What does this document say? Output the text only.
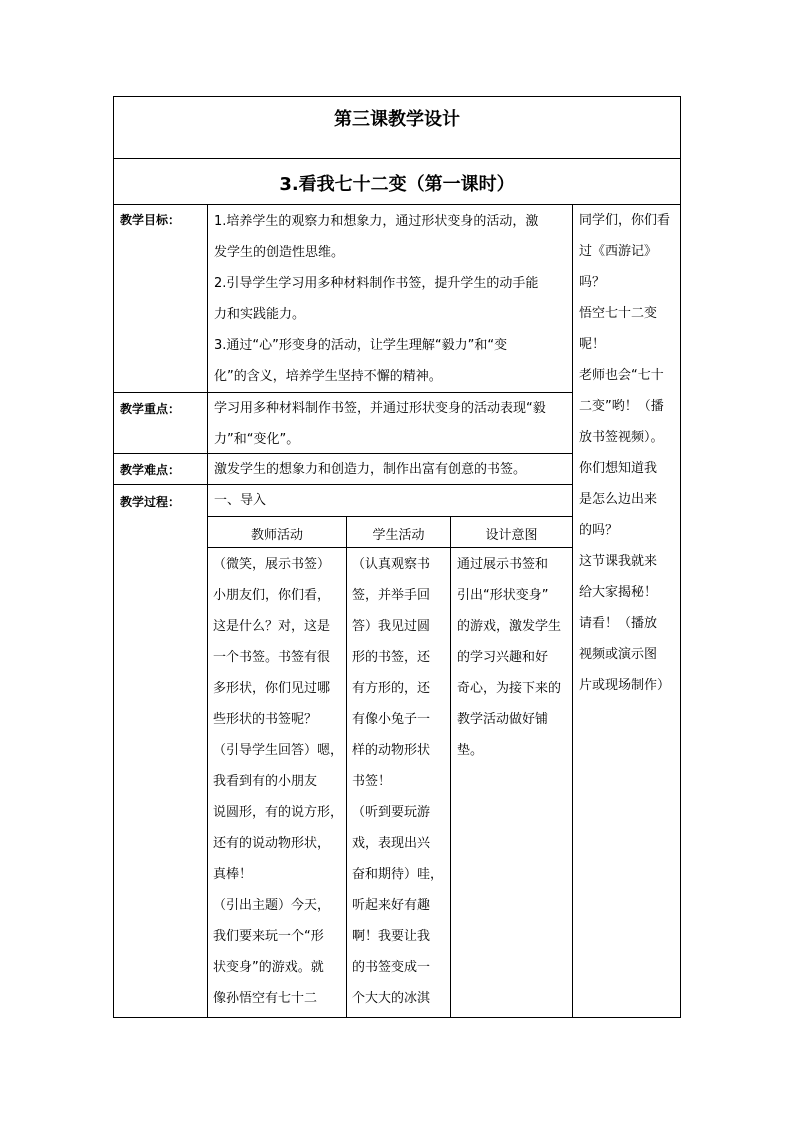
第三课教学设计
3.看我七十二变（第一课时）
教学目标：
教学重点：
教学难点：
教学过程：

1.培养学生的观察力和想象力，通过形状变身的活动，激

发学生的创造性思维。

2.引导学生学习用多种材料制作书签，提升学生的动手能

力和实践能力。

3.通过“心”形变身的活动，让学生理解“毅力”和“变

化”的含义，培养学生坚持不懈的精神。

学习用多种材料制作书签，并通过形状变身的活动表现“毅

力”和“变化”。

激发学生的想象力和创造力，制作出富有创意的书签。
一、导入
教师活动	学生活动	设计意图

（微笑，展示书签）

小朋友们，你们看，

这是什么？对，这是

一个书签。书签有很

多形状，你们见过哪

些形状的书签呢？

（引导学生回答）嗯，

我看到有的小朋友

说圆形，有的说方形，

还有的说动物形状，

真棒！

（引出主题）今天，

我们要来玩一个“形

状变身”的游戏。就

像孙悟空有七十二

（认真观察书

签，并举手回

答）我见过圆

形的书签，还

有方形的，还

有像小兔子一

样的动物形状

书签！

（听到要玩游

戏，表现出兴

奋和期待）哇，

听起来好有趣

啊！我要让我

的书签变成一

个大大的冰淇

通过展示书签和

引出“形状变身”

的游戏，激发学生

的学习兴趣和好

奇心，为接下来的

教学活动做好铺

垫。

同学们，你们看

过《西游记》吗？

悟空七十二变

呢！

老师也会“七十

二变”哟！（播

放书签视频）。

你们想知道我

是怎么边出来

的吗？

这节课我就来

给大家揭秘！

请看！（播放

视频或演示图

片或现场制作）
